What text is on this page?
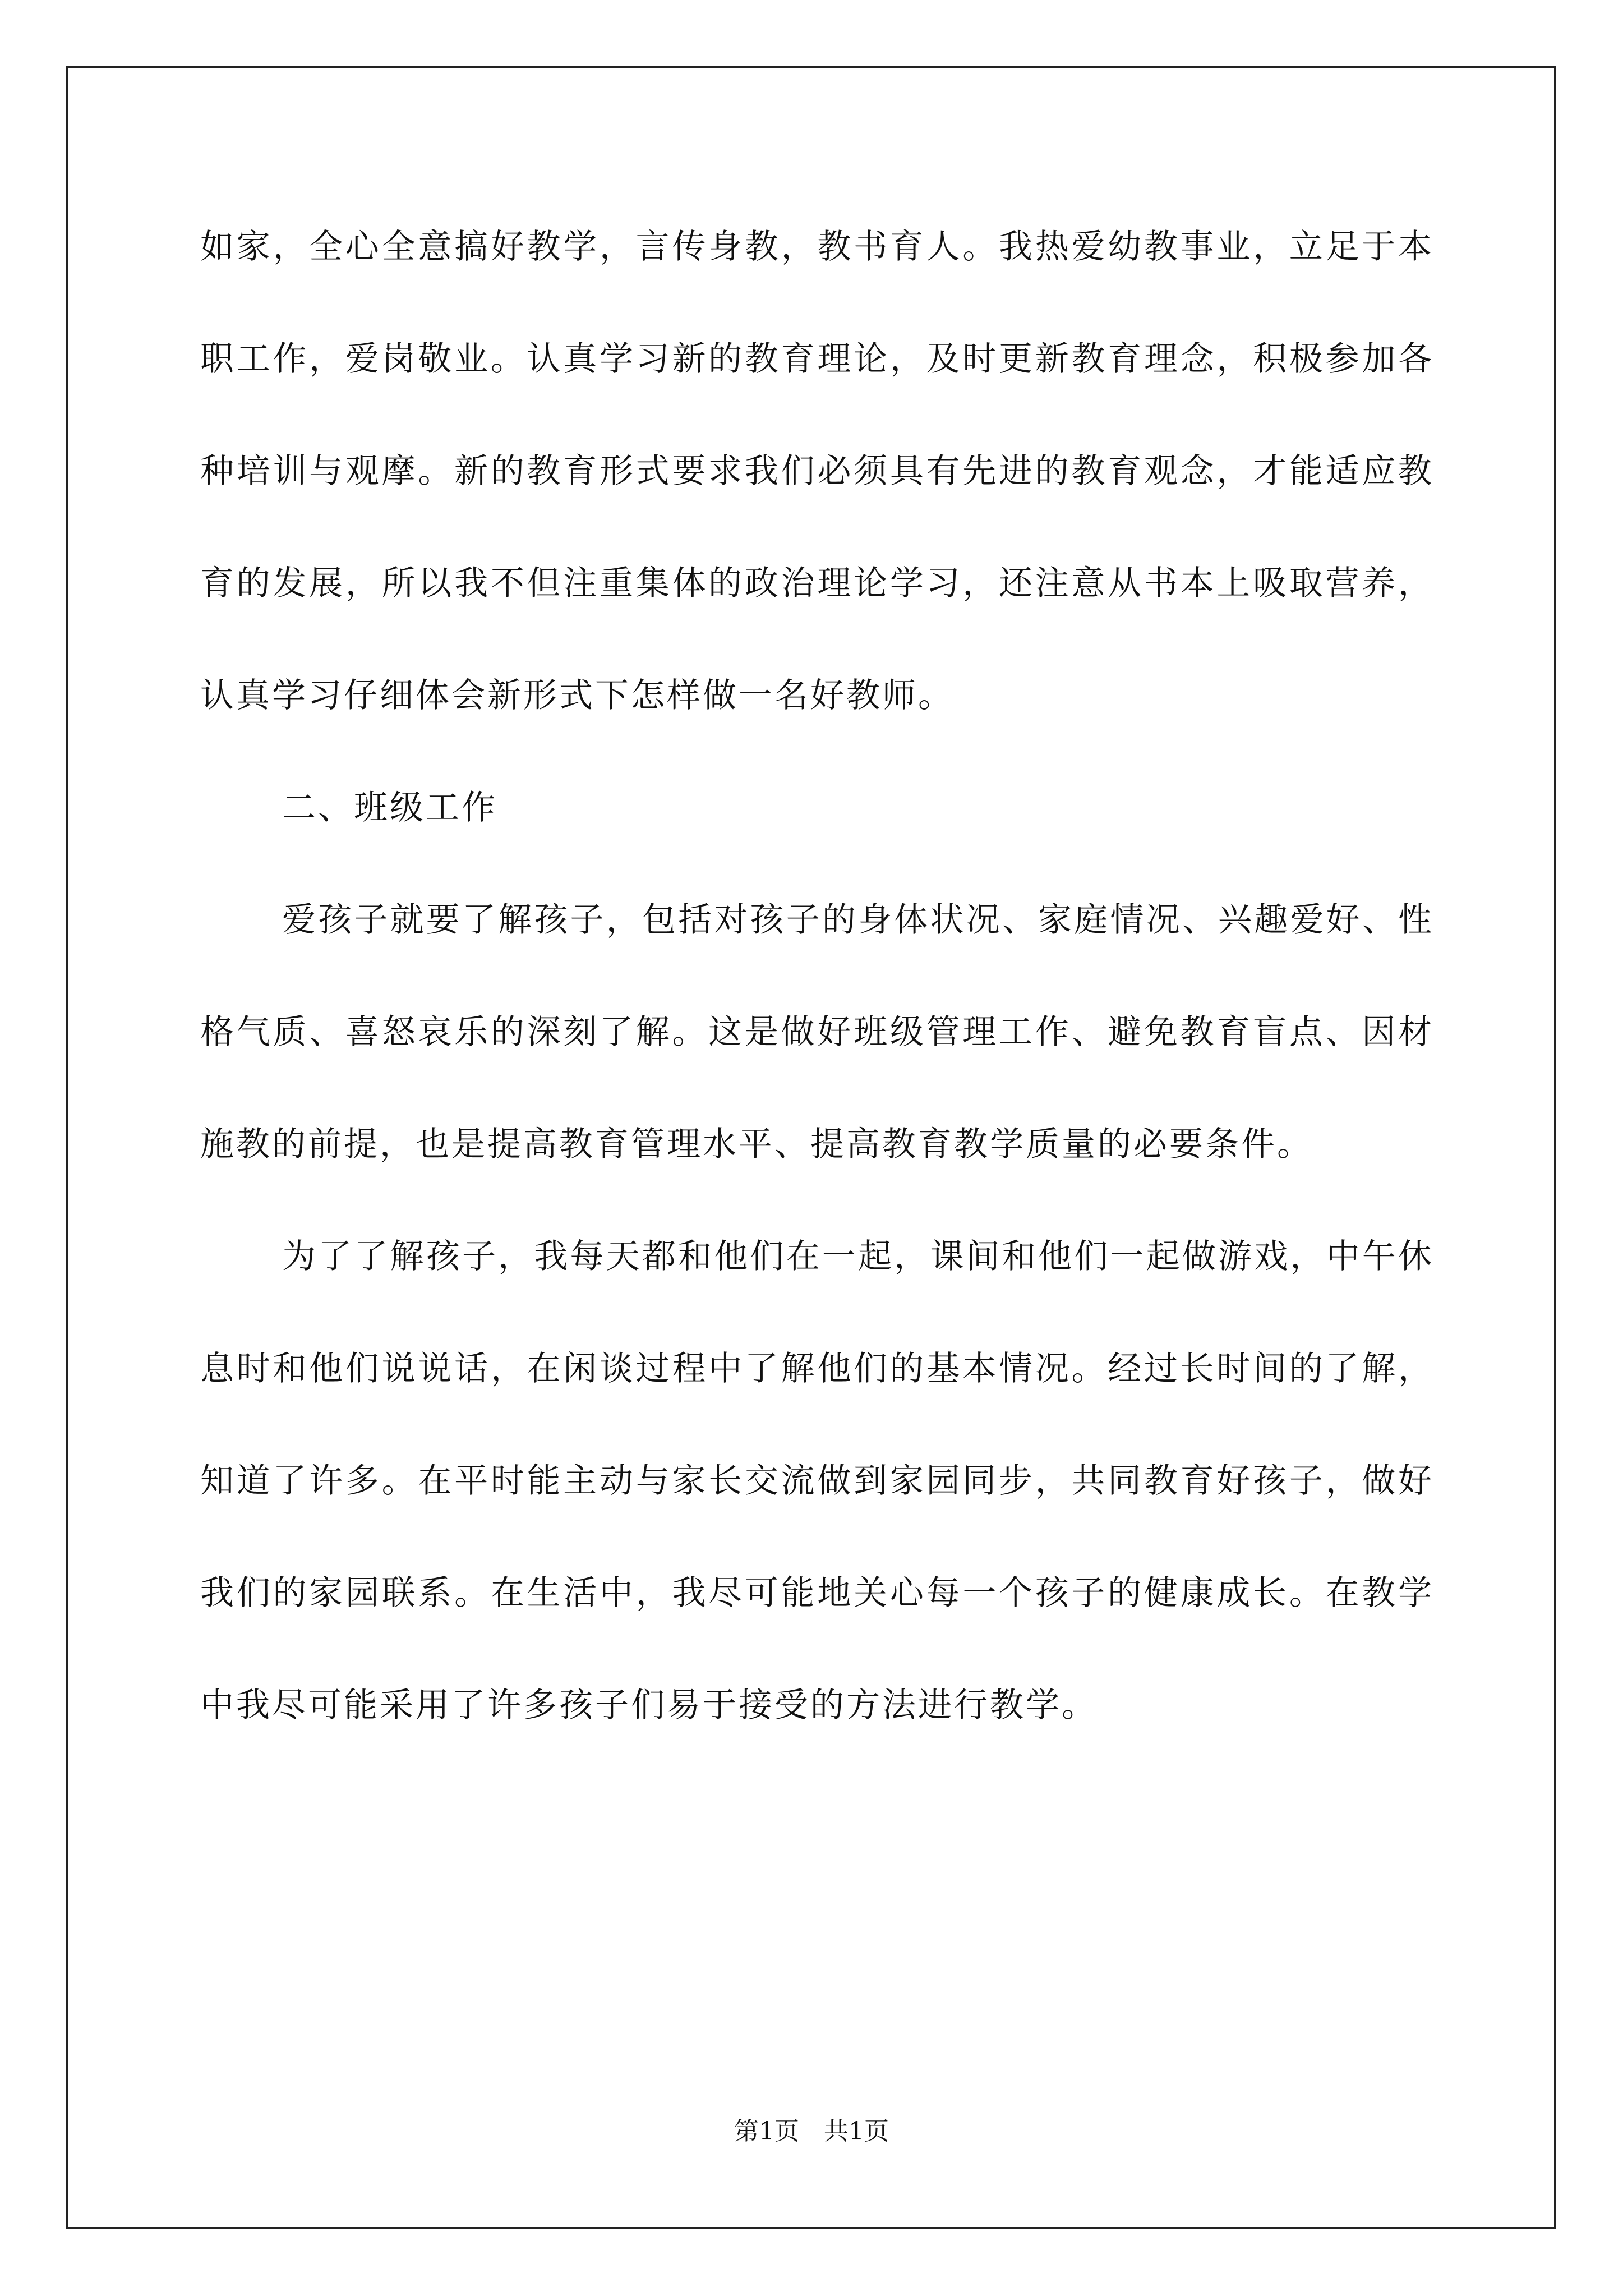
如家，全心全意搞好教学，言传身教，教书育人。我热爱幼教事业，立足于本职工作，爱岗敬业。认真学习新的教育理论，及时更新教育理念，积极参加各种培训与观摩。新的教育形式要求我们必须具有先进的教育观念，才能适应教育的发展，所以我不但注重集体的政治理论学习，还注意从书本上吸取营养，认真学习仔细体会新形式下怎样做一名好教师。

二、班级工作

爱孩子就要了解孩子，包括对孩子的身体状况、家庭情况、兴趣爱好、性格气质、喜怒哀乐的深刻了解。这是做好班级管理工作、避免教育盲点、因材施教的前提，也是提高教育管理水平、提高教育教学质量的必要条件。

为了了解孩子，我每天都和他们在一起，课间和他们一起做游戏，中午休息时和他们说说话，在闲谈过程中了解他们的基本情况。经过长时间的了解，知道了许多。在平时能主动与家长交流做到家园同步，共同教育好孩子，做好我们的家园联系。在生活中，我尽可能地关心每一个孩子的健康成长。在教学中我尽可能采用了许多孩子们易于接受的方法进行教学。

第1页　共1页
